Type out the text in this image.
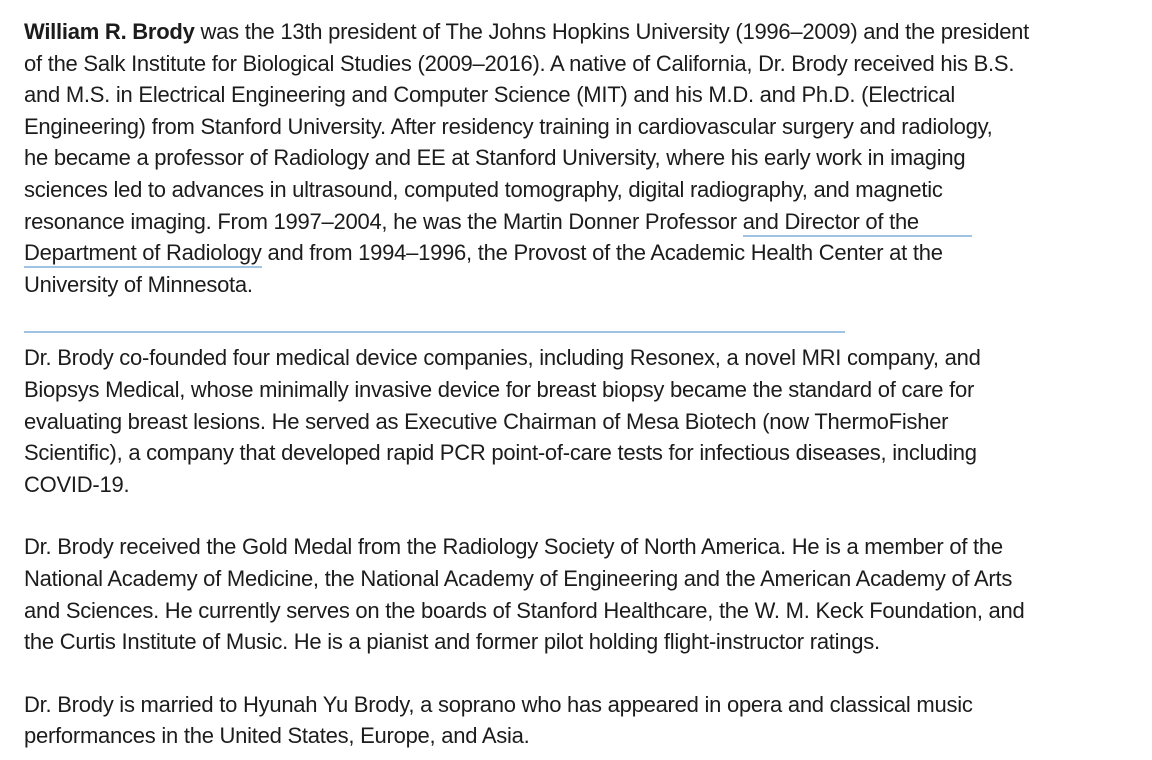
William R. Brody was the 13th president of The Johns Hopkins University (1996–2009) and the president
of the Salk Institute for Biological Studies (2009–2016). A native of California, Dr. Brody received his B.S.
and M.S. in Electrical Engineering and Computer Science (MIT) and his M.D. and Ph.D. (Electrical
Engineering) from Stanford University. After residency training in cardiovascular surgery and radiology,
he became a professor of Radiology and EE at Stanford University, where his early work in imaging
sciences led to advances in ultrasound, computed tomography, digital radiography, and magnetic
resonance imaging. From 1997–2004, he was the Martin Donner Professor and Director of the
Department of Radiology and from 1994–1996, the Provost of the Academic Health Center at the
University of Minnesota.
Dr. Brody co-founded four medical device companies, including Resonex, a novel MRI company, and
Biopsys Medical, whose minimally invasive device for breast biopsy became the standard of care for
evaluating breast lesions. He served as Executive Chairman of Mesa Biotech (now ThermoFisher
Scientific), a company that developed rapid PCR point-of-care tests for infectious diseases, including
COVID-19.
Dr. Brody received the Gold Medal from the Radiology Society of North America. He is a member of the
National Academy of Medicine, the National Academy of Engineering and the American Academy of Arts
and Sciences. He currently serves on the boards of Stanford Healthcare, the W. M. Keck Foundation, and
the Curtis Institute of Music. He is a pianist and former pilot holding flight-instructor ratings.
Dr. Brody is married to Hyunah Yu Brody, a soprano who has appeared in opera and classical music
performances in the United States, Europe, and Asia.
